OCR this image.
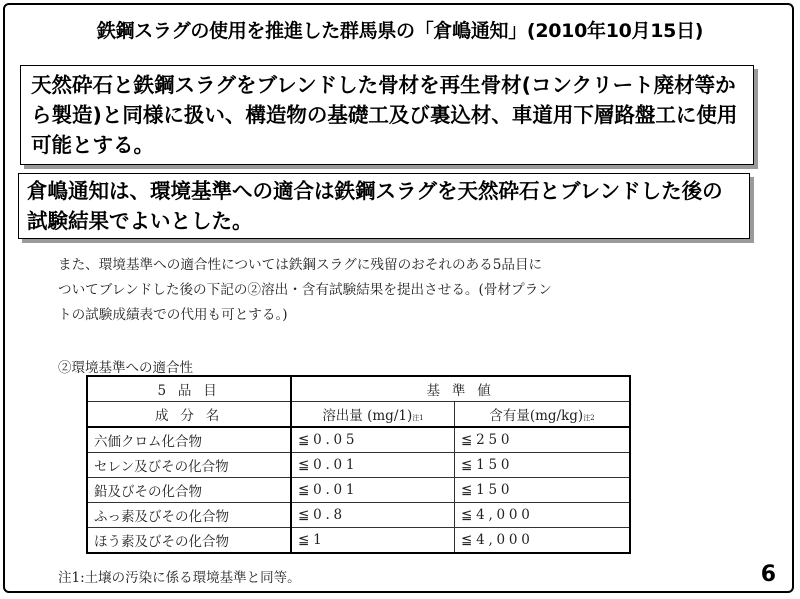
鉄鋼スラグの使用を推進した群馬県の「倉嶋通知」(2010年10月15日)
天然砕石と鉄鋼スラグをブレンドした骨材を再生骨材(コンクリート廃材等から製造)と同様に扱い、構造物の基礎工及び裏込材、車道用下層路盤工に使用可能とする。
倉嶋通知は、環境基準への適合は鉄鋼スラグを天然砕石とブレンドした後の試験結果でよいとした。
また、環境基準への適合性については鉄鋼スラグに残留のおそれのある5品目に
ついてブレンドした後の下記の②溶出・含有試験結果を提出させる。(骨材プラン
トの試験成績表での代用も可とする。)
②環境基準への適合性
5 品 目	基 準 値	
成 分 名	溶出量 (mg/1)注1	含有量(mg/kg)注2
六価クロム化合物	≦0.05	≦250
セレン及びその化合物	≦0.01	≦150
鉛及びその化合物	≦0.01	≦150
ふっ素及びその化合物	≦0.8	≦4,000
ほう素及びその化合物	≦1	≦4,000
注1:土壌の汚染に係る環境基準と同等。	6
